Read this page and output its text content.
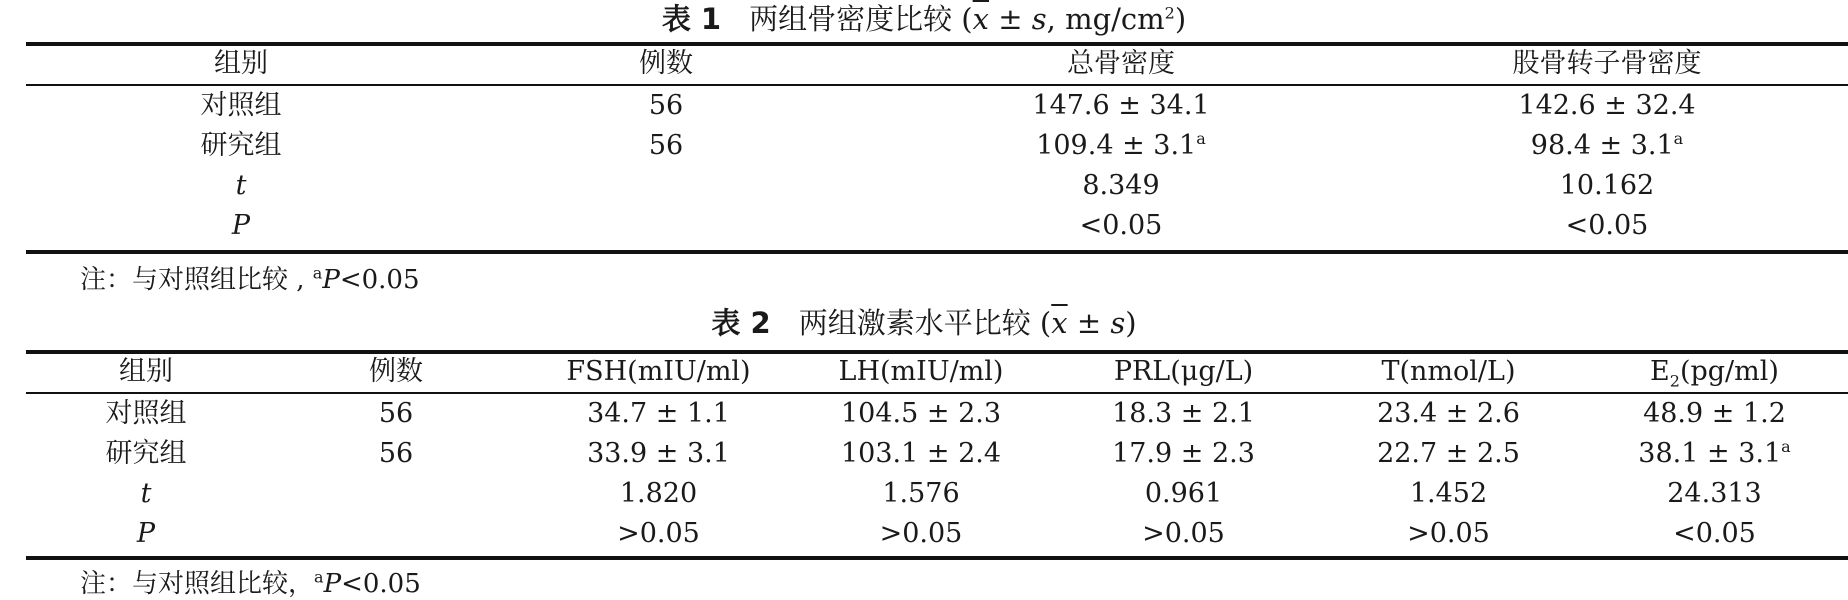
表 1 两组骨密度比较 ($\overline{x} \pm s$, $mg/cm^2$)
组别	例数	总骨密度	股骨转子骨密度
对照组	56	147.6 ± 34.1	142.6 ± 32.4
研究组	56	109.4 ± 3.1$^a$	98.4 ± 3.1$^a$
t		8.349	10.162
P		<0.05	<0.05
注：与对照组比较 , $^a$P<0.05
表 2 两组激素水平比较 $(\overline{x} \pm s)$
组别	例数	FSH(mIU/ml)	LH(mIU/ml)	PRL(μg/L)	T(nmol/L)	$E_2(pg/ml)$
对照组	56	34.7 ± 1.1	104.5 ± 2.3	18.3 ± 2.1	23.4 ± 2.6	48.9 ± 1.2
研究组	56	33.9 ± 3.1	103.1 ± 2.4	17.9 ± 2.3	22.7 ± 2.5	38.1 ± 3.1$^a$
t		1.820	1.576	0.961	1.452	24.313
P		>0.05	>0.05	>0.05	>0.05	<0.05
注：与对照组比较，$^a$P<0.05
